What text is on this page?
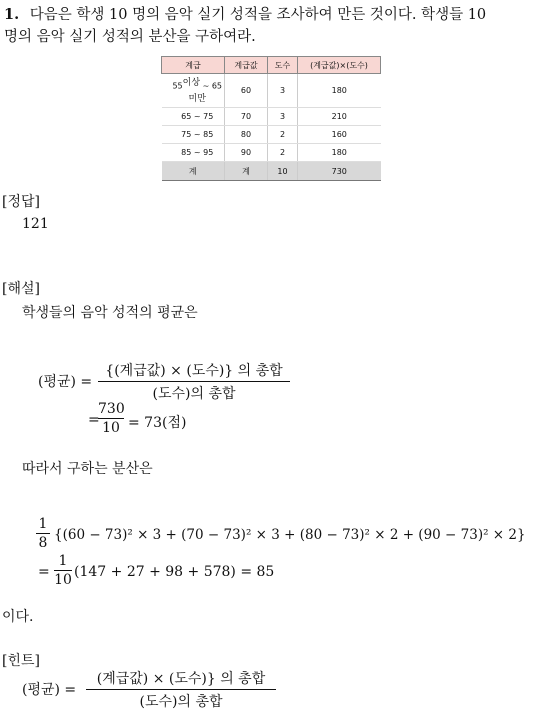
1. 다음은 학생 10 명의 음악 실기 성적을 조사하여 만든 것이다. 학생들 10
명의 음악 실기 성적의 분산을 구하여라.
계급	계급값	도수	(계급값)×(도수)
$55^{이상}$ ~ $65^{미만}$	60	3	180
65 ~ 75	70	3	210
75 ~ 85	80	2	160
85 ~ 95	90	2	180
계	계	10	730
[정답]
121
[해설]
학생들의 음악 성적의 평균은
(평균) =
{(계급값) × (도수)} 의 총합
(도수)의 총합
=
730
10 = 73(점)
따라서 구하는 분산은
1
8 {(60 − 73)² × 3 + (70 − 73)² × 3 + (80 − 73)² × 2 + (90 − 73)² × 2}
=
1
10 (147 + 27 + 98 + 578) = 85
이다.
[힌트]
(평균) =
(계급값) × (도수)} 의 총합
(도수)의 총합
